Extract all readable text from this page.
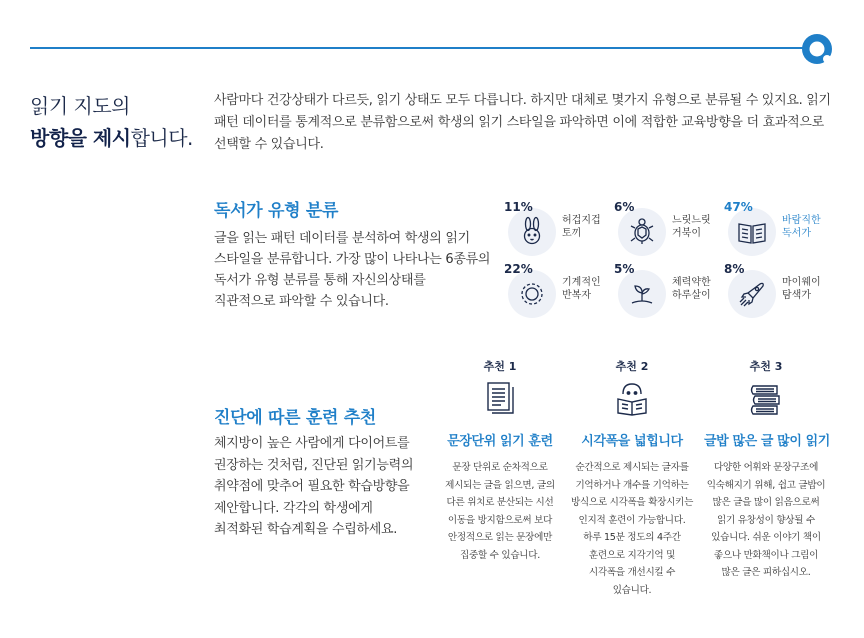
읽기 지도의
방향을 제시합니다.
사람마다 건강상태가 다르듯, 읽기 상태도 모두 다릅니다. 하지만 대체로 몇가지 유형으로 분류될 수 있지요. 읽기 패턴 데이터를 통계적으로 분류함으로써 학생의 읽기 스타일을 파악하면 이에 적합한 교육방향을 더 효과적으로 선택할 수 있습니다.
독서가 유형 분류
글을 읽는 패턴 데이터를 분석하여 학생의 읽기
스타일을 분류합니다. 가장 많이 나타나는 6종류의
독서가 유형 분류를 통해 자신의상태를
직관적으로 파악할 수 있습니다.
11%
허겁지겁
토끼
6%
느릿느릿
거북이
47%
바람직한
독서가
22%
기계적인
반복자
5%
체력약한
하루살이
8%
마이웨이
탐색가
진단에 따른 훈련 추천
체지방이 높은 사람에게 다이어트를
권장하는 것처럼, 진단된 읽기능력의
취약점에 맞추어 필요한 학습방향을
제안합니다. 각각의 학생에게
최적화된 학습계획을 수립하세요.
추천 1
문장단위 읽기 훈련
문장 단위로 순차적으로
제시되는 글을 읽으면, 글의
다른 위치로 분산되는 시선
이동을 방지함으로써 보다
안정적으로 읽는 문장에만
집중할 수 있습니다.
추천 2
시각폭을 넓힙니다
순간적으로 제시되는 글자를
기억하거나 개수를 기억하는
방식으로 시각폭을 확장시키는
인지적 훈련이 가능합니다.
하루 15분 정도의 4주간
훈련으로 지각기억 및
시각폭을 개선시킬 수
있습니다.
추천 3
글밥 많은 글 많이 읽기
다양한 어휘와 문장구조에
익숙해지기 위해, 쉽고 글밥이
많은 글을 많이 읽음으로써
읽기 유창성이 향상될 수
있습니다. 쉬운 이야기 책이
좋으나 만화책이나 그림이
많은 글은 피하십시오.
